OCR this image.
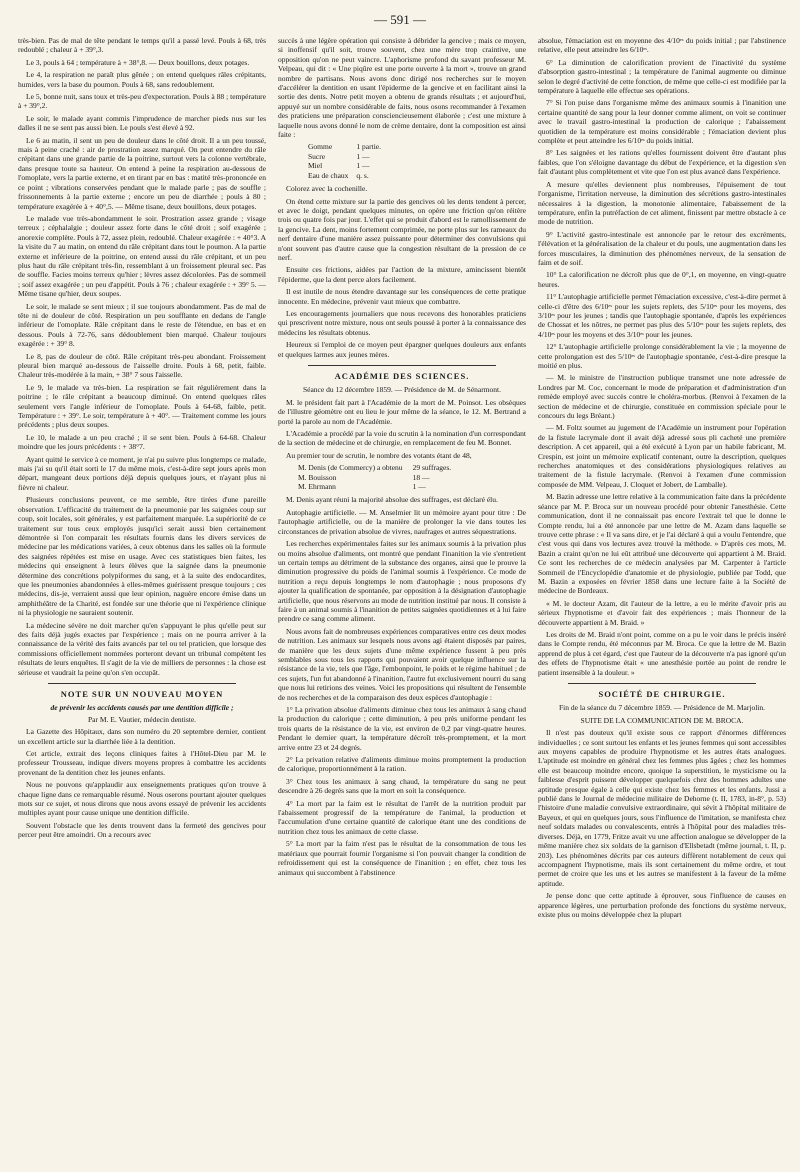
— 591 —

très-bien. Pas de mal de tête pendant le temps qu'il a passé levé. Pouls à 68, très redoublé ; chaleur à + 39°,3.

Le 3, pouls à 64 ; température à + 38°,8. — Deux bouillons, deux potages.

Le 4, la respiration ne paraît plus gênée ; on entend quelques râles crépitants, humides, vers la base du poumon. Pouls à 68, sans redoublement.

Le 5, bonne nuit, sans toux et très-peu d'expectoration. Pouls à 88 ; température à + 39°,2.

Le soir, le malade ayant commis l'imprudence de marcher pieds nus sur les dalles il ne se sent pas aussi bien. Le pouls s'est élevé à 92.

Le 6 au matin, il sent un peu de douleur dans le côté droit. Il a un peu toussé, mais à peine craché : air de prostration assez marqué. On peut entendre du râle crépitant dans une grande partie de la poitrine, surtout vers la colonne vertébrale, dans presque toute sa hauteur. On entend à peine la respiration au-dessous de l'omoplate, vers la partie externe, et en tirant par en bas : matité très-prononcée en ce point ; vibrations conservées pendant que le malade parle ; pas de souffle ; frissonnements à la partie externe ; encore un peu de diarrhée ; pouls à 80 ; température exagérée à + 40°,5. — Même tisane, deux bouillons, deux potages.

Le malade vue très-abondamment le soir. Prostration assez grande ; visage terreux ; céphalalgie ; douleur assez forte dans le côté droit ; soif exagérée ; anorexie complète. Pouls à 72, assez plein, redoublé. Chaleur exagérée : + 40°3. A la visite du 7 au matin, on entend du râle crépitant dans tout le poumon. A la partie externe et inférieure de la poitrine, on entend aussi du râle crépitant, et un peu plus haut du râle crépitant très-fin, ressemblant à un froissement pleural sec. Pas de souffle. Facies moins terreux qu'hier ; lèvres assez décolorées. Pas de sommeil ; soif assez exagérée ; un peu d'appétit. Pouls à 76 ; chaleur exagérée : + 39° 5. — Même tisane qu'hier, deux soupes.

Le soir, le malade se sent mieux ; il sue toujours abondamment. Pas de mal de tête ni de douleur de côté. Respiration un peu soufflante en dedans de l'angle inférieur de l'omoplate. Râle crépitant dans le reste de l'étendue, en bas et en dessous. Pouls à 72-76, sans dédoublement bien marqué. Chaleur toujours exagérée : + 39° 8.

Le 8, pas de douleur de côté. Râle crépitant très-peu abondant. Froissement pleural bien marqué au-dessous de l'aisselle droite. Pouls à 68, petit, faible. Chaleur très-modérée à la main, + 38° 7 sous l'aisselle.

Le 9, le malade va très-bien. La respiration se fait régulièrement dans la poitrine ; le râle crépitant a beaucoup diminué. On entend quelques râles seulement vers l'angle inférieur de l'omoplate. Pouls à 64-68, faible, petit. Température : + 39°. Le soir, température à + 40°. — Traitement comme les jours précédents ; plus deux soupes.

Le 10, le malade a un peu craché ; il se sent bien. Pouls à 64-68. Chaleur moindre que les jours précédents : + 38°7.

Ayant quitté le service à ce moment, je n'ai pu suivre plus longtemps ce malade, mais j'ai su qu'il était sorti le 17 du même mois, c'est-à-dire sept jours après mon départ, mangeant deux portions déjà depuis quelques jours, et n'ayant plus ni fièvre ni chaleur.

Plusieurs conclusions peuvent, ce me semble, être tirées d'une pareille observation. L'efficacité du traitement de la pneumonie par les saignées coup sur coup, soit locales, soit générales, y est parfaitement marquée. La supériorité de ce traitement sur tous ceux employés jusqu'ici serait aussi bien certainement démontrée si l'on comparait les résultats fournis dans les divers services de médecine par les médications variées, à ceux obtenus dans les salles où la formule des saignées répétées est mise en usage. Avec ces statistiques bien faites, les médecins qui enseignent à leurs élèves que la saignée dans la pneumonie détermine des concrétions polypiformes du sang, et à la suite des endocardites, que les pneumonies abandonnées à elles-mêmes guérissent presque toujours ; ces médecins, dis-je, verraient aussi que leur opinion, naguère encore émise dans un amphithéâtre de la Charité, est fondée sur une théorie que ni l'expérience clinique ni la physiologie ne sauraient soutenir.

La médecine sévère ne doit marcher qu'en s'appuyant le plus qu'elle peut sur des faits déjà jugés exactes par l'expérience ; mais on ne pourra arriver à la connaissance de la vérité des faits avancés par tel ou tel praticien, que lorsque des commissions officiellement nommées porteront devant un tribunal compétent les résultats de leurs enquêtes. Il s'agit de la vie de milliers de personnes : la chose est sérieuse et vaudrait la peine qu'on s'en occupât.

NOTE SUR UN NOUVEAU MOYEN
de prévenir les accidents causés par une dentition difficile ;

Par M. E. Vautier, médecin dentiste.

La Gazette des Hôpitaux, dans son numéro du 20 septembre dernier, contient un excellent article sur la diarrhée liée à la dentition.

Cet article, extrait des leçons cliniques faites à l'Hôtel-Dieu par M. le professeur Trousseau, indique divers moyens propres à combattre les accidents provenant de la dentition chez les jeunes enfants.

Nous ne pouvons qu'applaudir aux enseignements pratiques qu'on trouve à chaque ligne dans ce remarquable résumé. Nous oserons pourtant ajouter quelques mots sur ce sujet, et nous dirons que nous avons essayé de prévenir les accidents multiples ayant pour cause unique une dentition difficile.

Souvent l'obstacle que les dents trouvent dans la fermeté des gencives pour percer peut être amoindri. On a recours avec

succès à une légère opération qui consiste à débrider la gencive ; mais ce moyen, si inoffensif qu'il soit, trouve souvent, chez une mère trop craintive, une opposition qu'on ne peut vaincre. L'aphorisme profond du savant professeur M. Velpeau, qui dit : « Une piqûre est une porte ouverte à la mort », trouve un grand nombre de partisans. Nous avons donc dirigé nos recherches sur le moyen d'accélérer la dentition en usant l'épiderme de la gencive et en facilitant ainsi la sortie des dents. Notre petit moyen a obtenu de grands résultats ; et aujourd'hui, appuyé sur un nombre considérable de faits, nous osons recommander à l'examen des praticiens une préparation consciencieusement élaborée ; c'est une mixture à laquelle nous avons donné le nom de crème dentaire, dont la composition est ainsi faite :

Gomme	1 partie.
Sucre	1 —
Miel	1 —
Eau de chaux	q. s.

Colorez avec la cochenille.

On étend cette mixture sur la partie des gencives où les dents tendent à percer, et avec le doigt, pendant quelques minutes, on opère une friction qu'on réitère trois ou quatre fois par jour. L'effet qui se produit d'abord est le ramollissement de la gencive. La dent, moins fortement comprimée, ne porte plus sur les rameaux du nerf dentaire d'une manière assez puissante pour déterminer des convulsions qui n'ont souvent pas d'autre cause que la congestion résultant de la pression de ce nerf.

Ensuite ces frictions, aidées par l'action de la mixture, amincissent bientôt l'épiderme, que la dent perce alors facilement.

Il est inutile de nous étendre davantage sur les conséquences de cette pratique innocente. En médecine, prévenir vaut mieux que combattre.

Les encouragements journaliers que nous recevons des honorables praticiens qui prescrivent notre mixture, nous ont seuls poussé à porter à la connaissance des médecins les résultats obtenus.

Heureux si l'emploi de ce moyen peut épargner quelques douleurs aux enfants et quelques larmes aux jeunes mères.

ACADÉMIE DES SCIENCES.

Séance du 12 décembre 1859. — Présidence de M. de Sénarmont.

M. le président fait part à l'Académie de la mort de M. Poinsot. Les obsèques de l'illustre géomètre ont eu lieu le jour même de la séance, le 12. M. Bertrand a porté la parole au nom de l'Académie.

L'Académie a procédé par la voie du scrutin à la nomination d'un correspondant de la section de médecine et de chirurgie, en remplacement de feu M. Bonnet.

Au premier tour de scrutin, le nombre des votants étant de 48,

M. Denis (de Commercy) a obtenu	29 suffrages.
M. Bouisson	18 —
M. Ehrmann	1 —

M. Denis ayant réuni la majorité absolue des suffrages, est déclaré élu.

Autophagie artificielle. — M. Anselmier lit un mémoire ayant pour titre : De l'autophagie artificielle, ou de la manière de prolonger la vie dans toutes les circonstances de privation absolue de vivres, naufrages et autres séquestrations.

Les recherches expérimentales faites sur les animaux soumis à la privation plus ou moins absolue d'aliments, ont montré que pendant l'inanition la vie s'entretient un certain temps au détriment de la substance des organes, ainsi que le prouve la diminution progressive du poids de l'animal soumis à l'expérience. Ce mode de nutrition a reçu depuis longtemps le nom d'autophagie ; nous proposons d'y ajouter la qualification de spontanée, par opposition à la désignation d'autophagie artificielle, que nous réservons au mode de nutrition institué par nous. Il consiste à faire à un animal soumis à l'inanition de petites saignées quotidiennes et à lui faire prendre ce sang comme aliment.

Nous avons fait de nombreuses expériences comparatives entre ces deux modes de nutrition. Les animaux sur lesquels nous avons agi étaient disposés par paires, de manière que les deux sujets d'une même expérience fussent à peu près semblables sous tous les rapports qui pouvaient avoir quelque influence sur la résistance de la vie, tels que l'âge, l'embonpoint, le poids et le régime habituel ; de ces sujets, l'un fut abandonné à l'inanition, l'autre fut exclusivement nourri du sang que nous lui retirions des veines. Voici les propositions qui résultent de l'ensemble de nos recherches et de la comparaison des deux espèces d'autophagie :

1° La privation absolue d'aliments diminue chez tous les animaux à sang chaud la production du calorique ; cette diminution, à peu près uniforme pendant les trois quarts de la résistance de la vie, est environ de 0,2 par vingt-quatre heures. Pendant le dernier quart, la température décroît très-promptement, et la mort arrive entre 23 et 24 degrés.

2° La privation relative d'aliments diminue moins promptement la production de calorique, proportionnément à la ration.

3° Chez tous les animaux à sang chaud, la température du sang ne peut descendre à 26 degrés sans que la mort en soit la conséquence.

4° La mort par la faim est le résultat de l'arrêt de la nutrition produit par l'abaissement progressif de la température de l'animal, la production et l'accumulation d'une certaine quantité de calorique étant une des conditions de nutrition chez tous les animaux de cette classe.

5° La mort par la faim n'est pas le résultat de la consommation de tous les matériaux que pourrait fournir l'organisme si l'on pouvait changer la condition de refroidissement qui est la conséquence de l'inanition ; en effet, chez tous les animaux qui succombent à l'abstinence

absolue, l'émaciation est en moyenne des 4/10ᵉˢ du poids initial ; par l'abstinence relative, elle peut atteindre les 6/10ᵉˢ.

6° La diminution de calorification provient de l'inactivité du système d'absorption gastro-intestinal ; la température de l'animal augmente ou diminue selon le degré d'activité de cette fonction, de même que celle-ci est modifiée par la température à laquelle elle effectue ses opérations.

7° Si l'on puise dans l'organisme même des animaux soumis à l'inanition une certaine quantité de sang pour la leur donner comme aliment, on voit se continuer avec le travail gastro-intestinal la production de calorique ; l'abaissement quotidien de la température est moins considérable ; l'émaciation devient plus complète et peut atteindre les 6/10ᵉˢ du poids initial.

8° Les saignées et les rations qu'elles fournissent doivent être d'autant plus faibles, que l'on s'éloigne davantage du début de l'expérience, et la digestion s'en fait d'autant plus complètement et vite que l'on est plus avancé dans l'expérience.

A mesure qu'elles deviennent plus nombreuses, l'épuisement de tout l'organisme, l'irritation nerveuse, la diminution des sécrétions gastro-intestinales nécessaires à la digestion, la monotonie alimentaire, l'abaissement de la température, enfin la putréfaction de cet aliment, finissent par mettre obstacle à ce mode de nutrition.

9° L'activité gastro-intestinale est annoncée par le retour des excréments, l'élévation et la généralisation de la chaleur et du pouls, une augmentation dans les forces musculaires, la diminution des phénomènes nerveux, de la sensation de faim et de soif.

10° La calorification ne décroît plus que de 0°,1, en moyenne, en vingt-quatre heures.

11° L'autophagie artificielle permet l'émaciation excessive, c'est-à-dire permet à celle-ci d'être des 6/10ᵉˢ pour les sujets replets, des 5/10ᵉˢ pour les moyens, des 3/10ᵉˢ pour les jeunes ; tandis que l'autophagie spontanée, d'après les expériences de Chossat et les nôtres, ne permet pas plus des 5/10ᵉˢ pour les sujets replets, des 4/10ᵉˢ pour les moyens et des 3/10ᵉˢ pour les jeunes.

12° L'autophagie artificielle prolonge considérablement la vie ; la moyenne de cette prolongation est des 5/10ᵉˢ de l'autophagie spontanée, c'est-à-dire presque la moitié en plus.

— M. le ministre de l'instruction publique transmet une note adressée de Londres par M. Coc, concernant le mode de préparation et d'administration d'un remède employé avec succès contre le choléra-morbus. (Renvoi à l'examen de la section de médecine et de chirurgie, constituée en commission spéciale pour le concours du legs Bréant.)

— M. Foltz soumet au jugement de l'Académie un instrument pour l'opération de la fistule lacrymale dont il avait déjà adressé sous pli cacheté une première description. A cet appareil, qui a été exécuté à Lyon par un habile fabricant, M. Crespin, est joint un mémoire explicatif contenant, outre la description, quelques recherches anatomiques et des considérations physiologiques relatives au traitement de la fistule lacrymale. (Renvoi à l'examen d'une commission composée de MM. Velpeau, J. Cloquet et Jobert, de Lamballe).

M. Bazin adresse une lettre relative à la communication faite dans la précédente séance par M. P. Broca sur un nouveau procédé pour obtenir l'anesthésie. Cette communication, dont il ne connaissait pas encore l'extrait tel que le donne le Compte rendu, lui a été annoncée par une lettre de M. Azam dans laquelle se trouve cette phrase : « Il va sans dire, et je l'ai déclaré à qui a voulu l'entendre, que c'est vous qui dans vos lectures avez trouvé la méthode. » D'après ces mots, M. Bazin a craint qu'on ne lui eût attribué une découverte qui appartient à M. Braid. Ce sont les recherches de ce médecin analysées par M. Carpenter à l'article Sommeil de l'Encyclopédie d'anatomie et de physiologie, publiée par Todd, que M. Bazin a exposées en février 1858 dans une lecture faite à la Société de médecine de Bordeaux.

« M. le docteur Azam, dit l'auteur de la lettre, a eu le mérite d'avoir pris au sérieux l'hypnotisme et d'avoir fait des expériences ; mais l'honneur de la découverte appartient à M. Braid. »

Les droits de M. Braid n'ont point, comme on a pu le voir dans le précis inséré dans le Compte rendu, été méconnus par M. Broca. Ce que la lettre de M. Bazin apprend de plus à cet égard, c'est que l'auteur de la découverte n'a pas ignoré qu'un des effets de l'hypnotisme était « une anesthésie portée au point de rendre le patient insensible à la douleur. »

SOCIÉTÉ DE CHIRURGIE.

Fin de la séance du 7 décembre 1859. — Présidence de M. Marjolin.

SUITE DE LA COMMUNICATION DE M. BROCA.

Il n'est pas douteux qu'il existe sous ce rapport d'énormes différences individuelles ; ce sont surtout les enfants et les jeunes femmes qui sont accessibles aux moyens capables de produire l'hypnotisme et les autres états analogues. L'aptitude est moindre en général chez les femmes plus âgées ; chez les hommes elle est beaucoup moindre encore, quoique la superstition, le mysticisme ou la faiblesse d'esprit puissent développer quelquefois chez des hommes adultes une aptitude presque égale à celle qui existe chez les femmes et les enfants. Jussi a publié dans le Journal de médecine militaire de Dehorne (t. II, 1783, in-8°, p. 53) l'histoire d'une maladie convulsive extraordinaire, qui sévit à l'hôpital militaire de Bayeux, et qui en quelques jours, sous l'influence de l'imitation, se manifesta chez neuf soldats malades ou convalescents, entrés à l'hôpital pour des maladies très-diverses. Déjà, en 1779, Fritze avait vu une affection analogue se développer de la même manière chez six soldats de la garnison d'Ellsbetadt (même journal, t. II, p. 203). Les phénomènes décrits par ces auteurs diffèrent notablement de ceux qui accompagnent l'hypnotisme, mais ils sont certainement du même ordre, et tout permet de croire que les uns et les autres se manifestent à la faveur de la même aptitude.

Je pense donc que cette aptitude à éprouver, sous l'influence de causes en apparence légères, une perturbation profonde des fonctions du système nerveux, existe plus ou moins développée chez la plupart
